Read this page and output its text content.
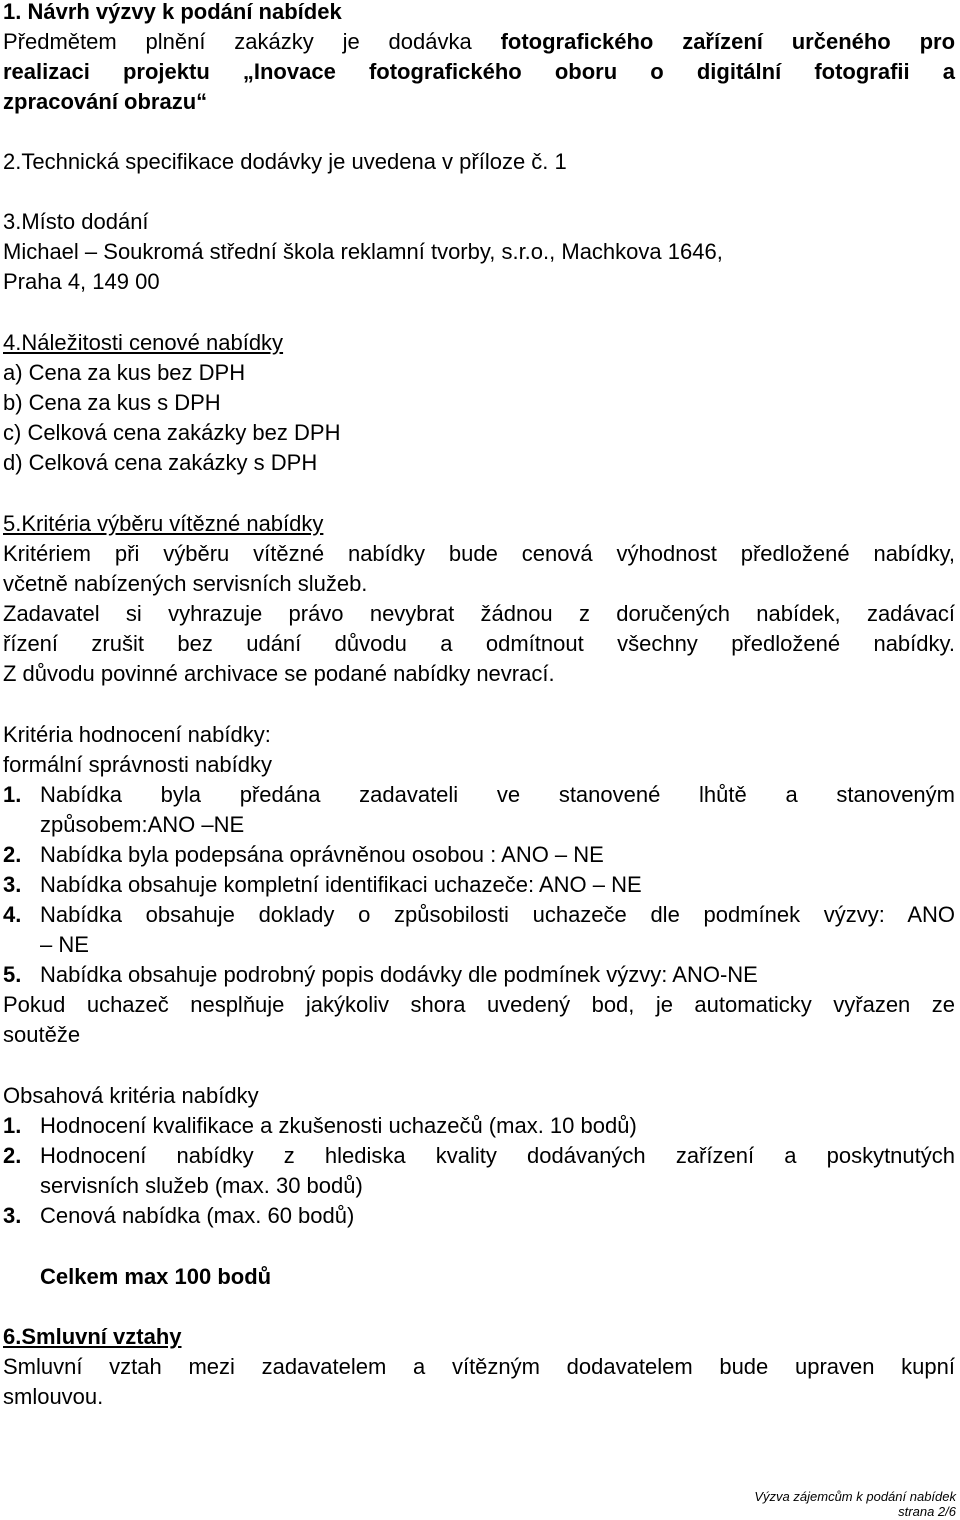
1. Návrh výzvy k podání nabídek
Předmětem plnění zakázky je dodávka fotografického zařízení určeného pro
realizaci projektu „Inovace fotografického oboru o digitální fotografii a
zpracování obrazu“
2.Technická specifikace dodávky je uvedena v příloze č. 1
3.Místo dodání
Michael – Soukromá střední škola reklamní tvorby, s.r.o., Machkova 1646,
Praha 4, 149 00
4.Náležitosti cenové nabídky
a) Cena za kus bez DPH
b) Cena za kus s DPH
c) Celková cena zakázky bez DPH
d) Celková cena zakázky s DPH
5.Kritéria výběru vítězné nabídky
Kritériem při výběru vítězné nabídky bude cenová výhodnost předložené nabídky,
včetně nabízených servisních služeb.
Zadavatel si vyhrazuje právo nevybrat žádnou z doručených nabídek, zadávací
řízení zrušit bez udání důvodu a odmítnout všechny předložené nabídky.
Z důvodu povinné archivace se podané nabídky nevrací.
Kritéria hodnocení nabídky:
formální správnosti nabídky
1. Nabídka byla předána zadavateli ve stanovené lhůtě a stanoveným
způsobem:ANO –NE
2. Nabídka byla podepsána oprávněnou osobou : ANO – NE
3. Nabídka obsahuje kompletní identifikaci uchazeče: ANO – NE
4. Nabídka obsahuje doklady o způsobilosti uchazeče dle podmínek výzvy: ANO
– NE
5. Nabídka obsahuje podrobný popis dodávky dle podmínek výzvy: ANO-NE
Pokud uchazeč nesplňuje jakýkoliv shora uvedený bod, je automaticky vyřazen ze
soutěže
Obsahová kritéria nabídky
1. Hodnocení kvalifikace a zkušenosti uchazečů (max. 10 bodů)
2. Hodnocení nabídky z hlediska kvality dodávaných zařízení a poskytnutých
servisních služeb (max. 30 bodů)
3. Cenová nabídka (max. 60 bodů)
Celkem max 100 bodů
6.Smluvní vztahy
Smluvní vztah mezi zadavatelem a vítězným dodavatelem bude upraven kupní
smlouvou.
Výzva zájemcům k podání nabídek
strana 2/6
